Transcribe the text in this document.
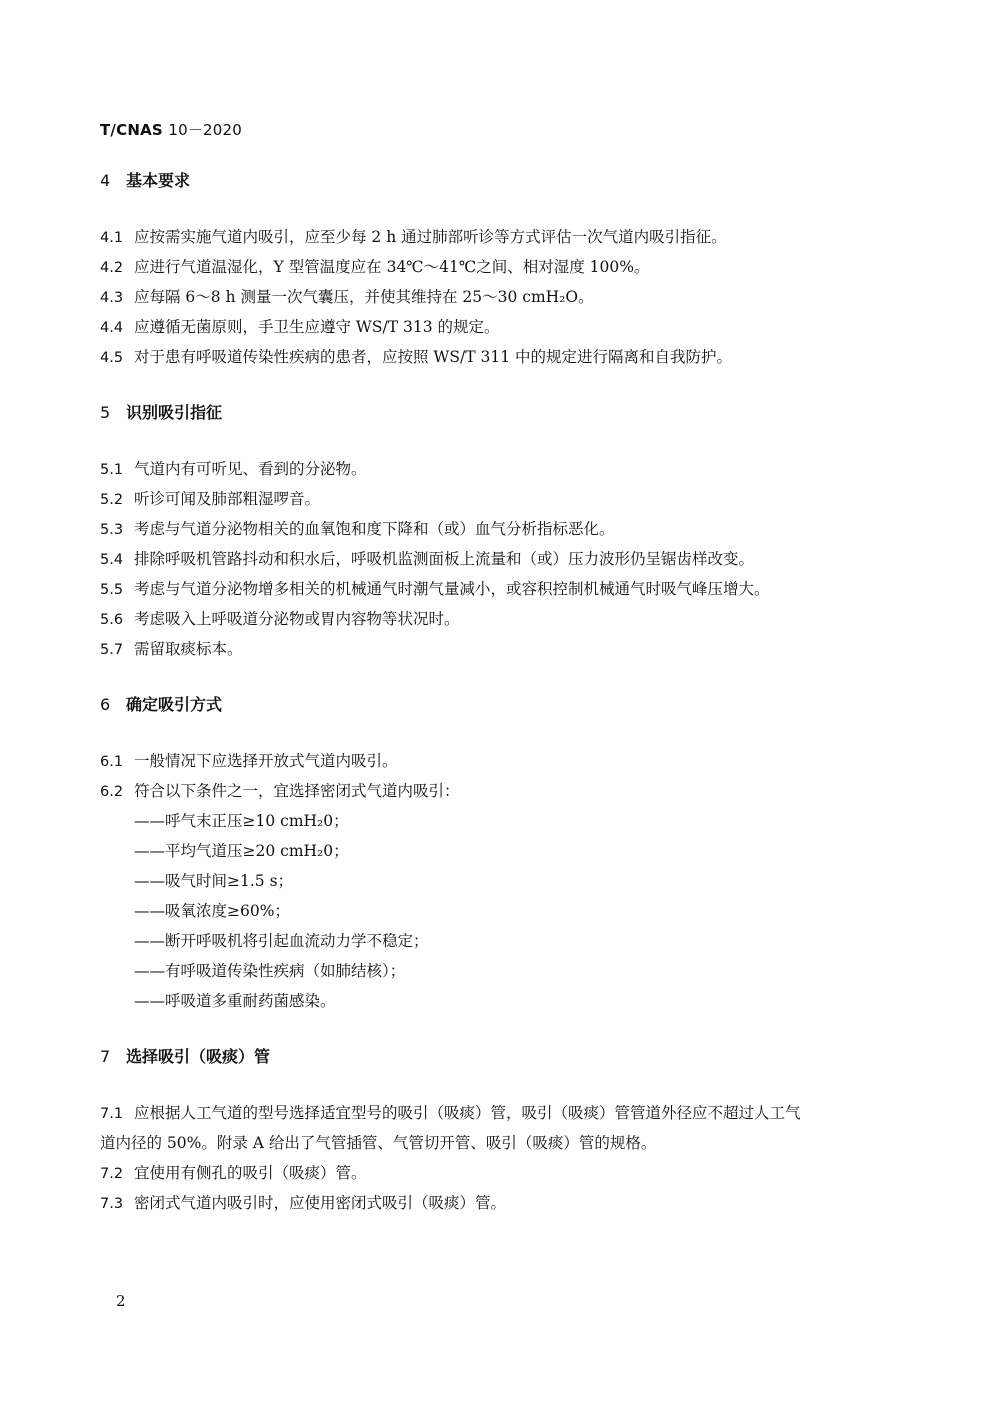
T/CNAS 10－2020
4 基本要求
4.1 应按需实施气道内吸引，应至少每 2 h 通过肺部听诊等方式评估一次气道内吸引指征。
4.2 应进行气道温湿化，Y 型管温度应在 34℃～41℃之间、相对湿度 100%。
4.3 应每隔 6～8 h 测量一次气囊压，并使其维持在 25～30 cmH₂O。
4.4 应遵循无菌原则，手卫生应遵守 WS/T 313 的规定。
4.5 对于患有呼吸道传染性疾病的患者，应按照 WS/T 311 中的规定进行隔离和自我防护。
5 识别吸引指征
5.1 气道内有可听见、看到的分泌物。
5.2 听诊可闻及肺部粗湿啰音。
5.3 考虑与气道分泌物相关的血氧饱和度下降和（或）血气分析指标恶化。
5.4 排除呼吸机管路抖动和积水后，呼吸机监测面板上流量和（或）压力波形仍呈锯齿样改变。
5.5 考虑与气道分泌物增多相关的机械通气时潮气量减小，或容积控制机械通气时吸气峰压增大。
5.6 考虑吸入上呼吸道分泌物或胃内容物等状况时。
5.7 需留取痰标本。
6 确定吸引方式
6.1 一般情况下应选择开放式气道内吸引。
6.2 符合以下条件之一，宜选择密闭式气道内吸引：
——呼气末正压≥10 cmH₂0；
——平均气道压≥20 cmH₂0；
——吸气时间≥1.5 s；
——吸氧浓度≥60%；
——断开呼吸机将引起血流动力学不稳定；
——有呼吸道传染性疾病（如肺结核）；
——呼吸道多重耐药菌感染。
7 选择吸引（吸痰）管
7.1 应根据人工气道的型号选择适宜型号的吸引（吸痰）管，吸引（吸痰）管管道外径应不超过人工气
道内径的 50%。附录 A 给出了气管插管、气管切开管、吸引（吸痰）管的规格。
7.2 宜使用有侧孔的吸引（吸痰）管。
7.3 密闭式气道内吸引时，应使用密闭式吸引（吸痰）管。
2
